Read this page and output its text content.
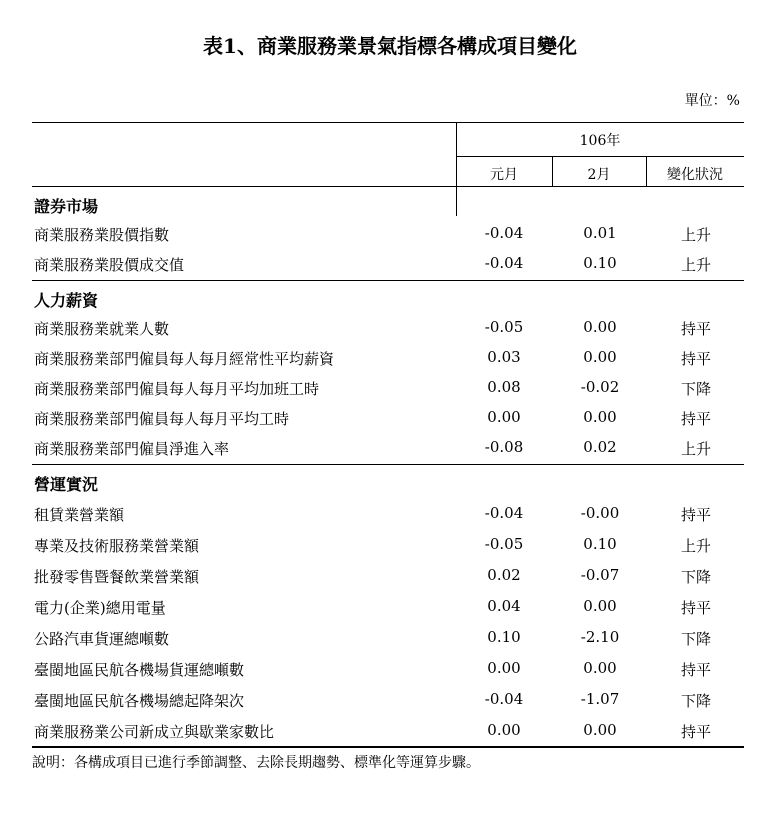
表1、商業服務業景氣指標各構成項目變化
單位：%
106年
元月	2月	變化狀況
證券市場
商業服務業股價指數	-0.04	0.01	上升
商業服務業股價成交值	-0.04	0.10	上升
人力薪資
商業服務業就業人數	-0.05	0.00	持平
商業服務業部門僱員每人每月經常性平均薪資	0.03	0.00	持平
商業服務業部門僱員每人每月平均加班工時	0.08	-0.02	下降
商業服務業部門僱員每人每月平均工時	0.00	0.00	持平
商業服務業部門僱員淨進入率	-0.08	0.02	上升
營運實況
租賃業營業額	-0.04	-0.00	持平
專業及技術服務業營業額	-0.05	0.10	上升
批發零售暨餐飲業營業額	0.02	-0.07	下降
電力(企業)總用電量	0.04	0.00	持平
公路汽車貨運總噸數	0.10	-2.10	下降
臺閩地區民航各機場貨運總噸數	0.00	0.00	持平
臺閩地區民航各機場總起降架次	-0.04	-1.07	下降
商業服務業公司新成立與歇業家數比	0.00	0.00	持平
說明：各構成項目已進行季節調整、去除長期趨勢、標準化等運算步驟。
